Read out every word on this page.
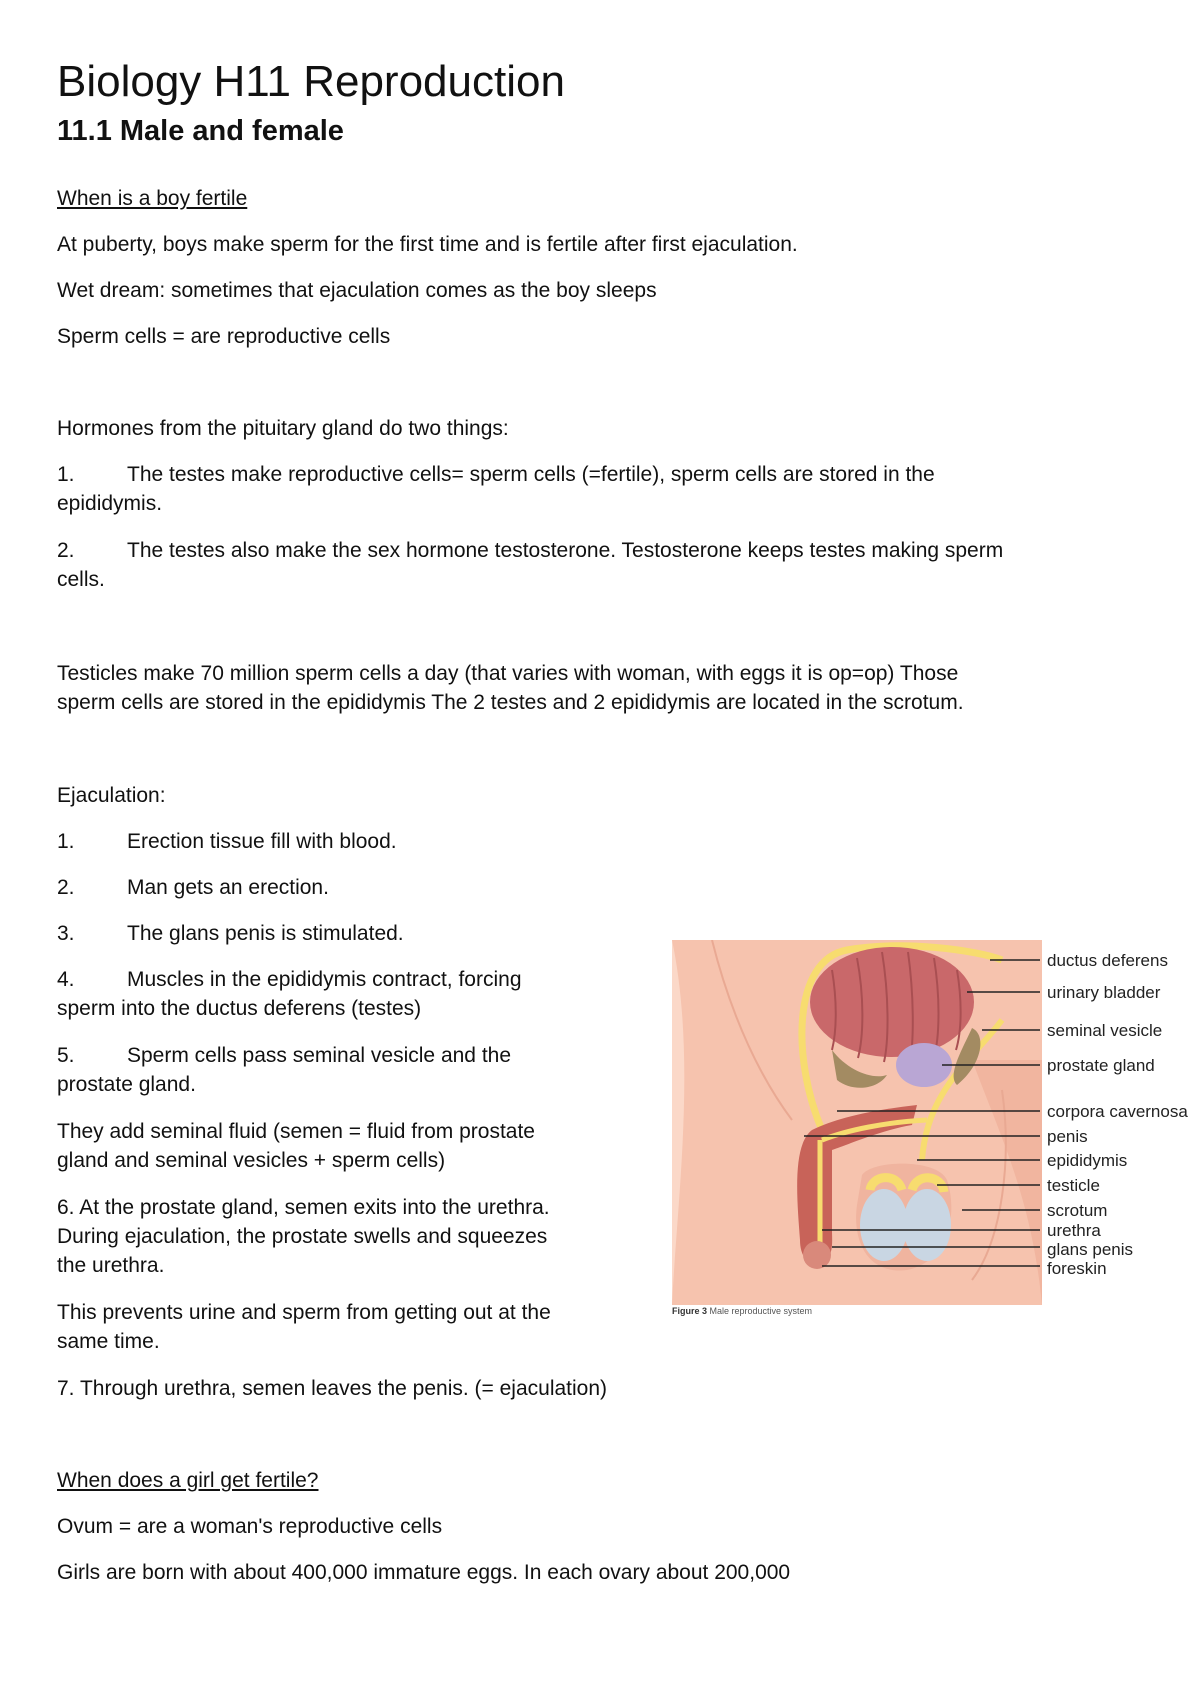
Biology H11 Reproduction
11.1 Male and female

When is a boy fertile

At puberty, boys make sperm for the first time and is fertile after first ejaculation.

Wet dream: sometimes that ejaculation comes as the boy sleeps

Sperm cells = are reproductive cells

Hormones from the pituitary gland do two things:

1. The testes make reproductive cells= sperm cells (=fertile), sperm cells are stored in the
epididymis.

2. The testes also make the sex hormone testosterone. Testosterone keeps testes making sperm
cells.

Testicles make 70 million sperm cells a day (that varies with woman, with eggs it is op=op) Those
sperm cells are stored in the epididymis The 2 testes and 2 epididymis are located in the scrotum.

Ejaculation:

1. Erection tissue fill with blood.

2. Man gets an erection.

3. The glans penis is stimulated.

4. Muscles in the epididymis contract, forcing
sperm into the ductus deferens (testes)

5. Sperm cells pass seminal vesicle and the
prostate gland.

They add seminal fluid (semen = fluid from prostate
gland and seminal vesicles + sperm cells)

6. At the prostate gland, semen exits into the urethra.
During ejaculation, the prostate swells and squeezes
the urethra.

This prevents urine and sperm from getting out at the
same time.

7. Through urethra, semen leaves the penis. (= ejaculation)

When does a girl get fertile?

Ovum = are a woman's reproductive cells

Girls are born with about 400,000 immature eggs. In each ovary about 200,000

ductus deferens
urinary bladder
seminal vesicle
prostate gland
corpora cavernosa
penis
epididymis
testicle
scrotum
urethra
glans penis
foreskin
Figure 3 Male reproductive system
